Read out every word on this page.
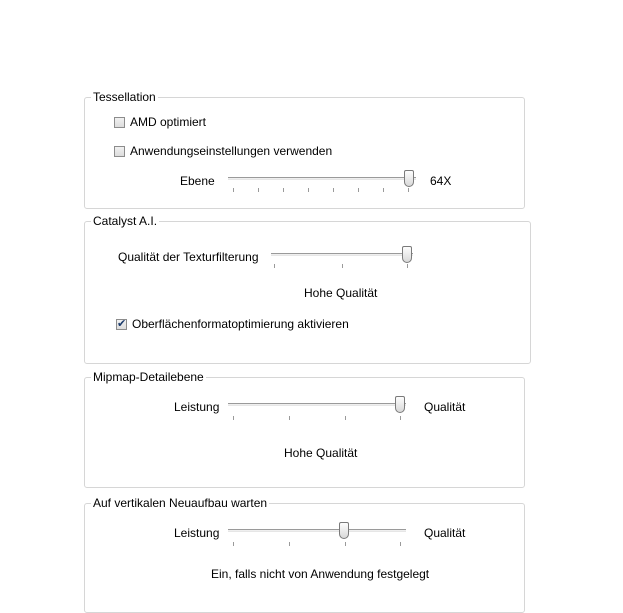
Tessellation
AMD optimiert
Anwendungseinstellungen verwenden
Ebene	64X
Catalyst A.I.
Qualität der Texturfilterung
Hohe Qualität
✔
Oberflächenformatoptimierung aktivieren
Mipmap-Detailebene
Leistung	Qualität
Hohe Qualität
Auf vertikalen Neuaufbau warten
Leistung	Qualität
Ein, falls nicht von Anwendung festgelegt
